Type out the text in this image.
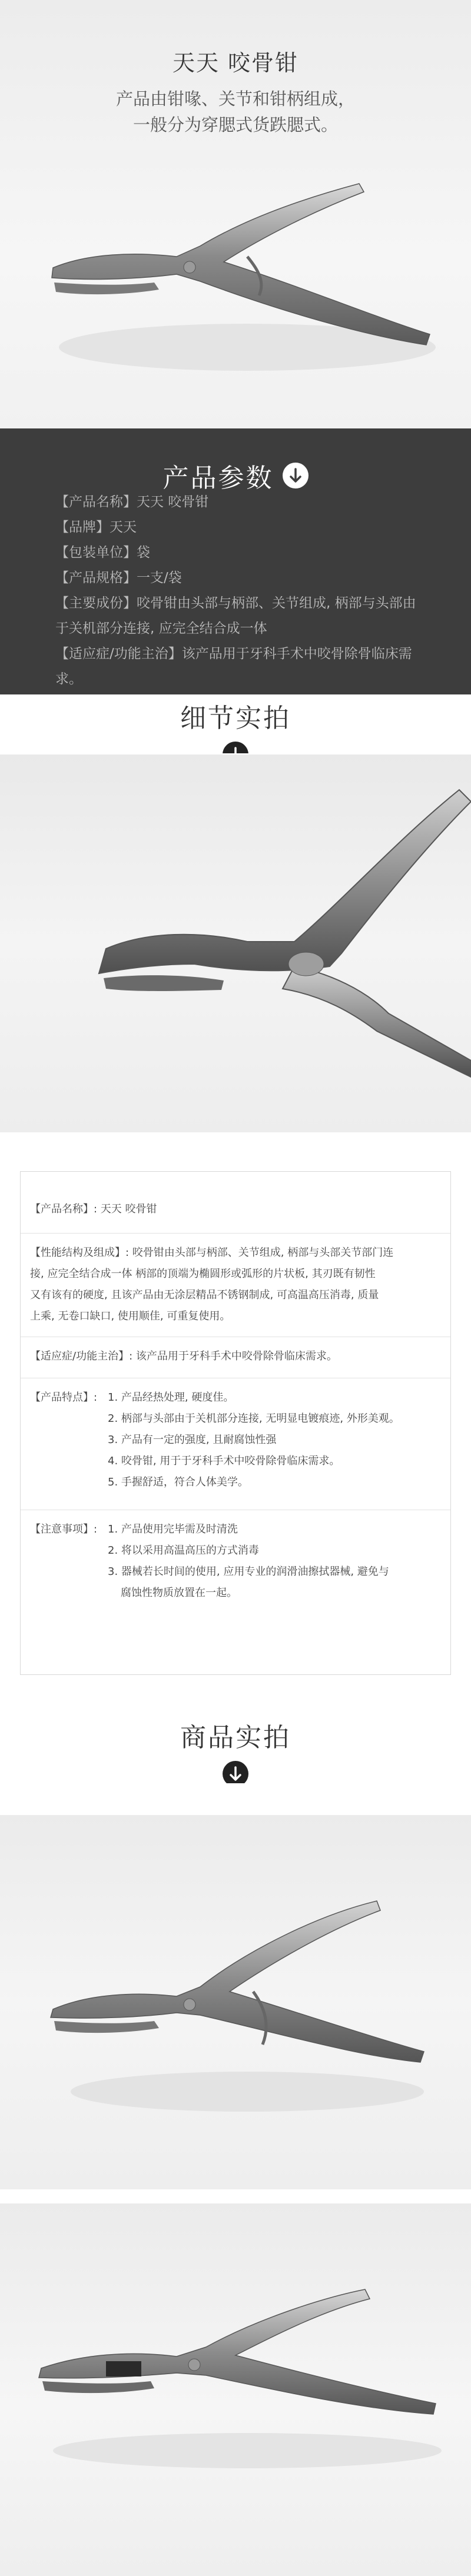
天天 咬骨钳
产品由钳喙、关节和钳柄组成，
一般分为穿腮式货跌腮式。
产品参数
【产品名称】天天 咬骨钳
【品牌】天天
【包装单位】袋
【产品规格】一支/袋
【主要成份】咬骨钳由头部与柄部、关节组成, 柄部与头部由
于关机部分连接, 应完全结合成一体
【适应症/功能主治】该产品用于牙科手术中咬骨除骨临床需
求。
细节实拍
【产品名称】: 天天 咬骨钳
【性能结构及组成】: 咬骨钳由头部与柄部、关节组成, 柄部与头部关节部门连
接, 应完全结合成一体 柄部的顶端为椭圆形或弧形的片状板, 其刃既有韧性
又有该有的硬度, 且该产品由无涂层精品不锈钢制成, 可高温高压消毒, 质量
上乘, 无卷口缺口, 使用顺佳, 可重复使用。
【适应症/功能主治】: 该产品用于牙科手术中咬骨除骨临床需求。
【产品特点】: 1. 产品经热处理, 硬度佳。
2. 柄部与头部由于关机部分连接, 无明显电镀痕迹, 外形美观。
3. 产品有一定的强度, 且耐腐蚀性强
4. 咬骨钳, 用于于牙科手术中咬骨除骨临床需求。
5. 手握舒适，符合人体美学。
【注意事项】: 1. 产品使用完毕需及时清洗
2. 将以采用高温高压的方式消毒
3. 器械若长时间的使用, 应用专业的润滑油擦拭器械, 避免与
腐蚀性物质放置在一起。
商品实拍
